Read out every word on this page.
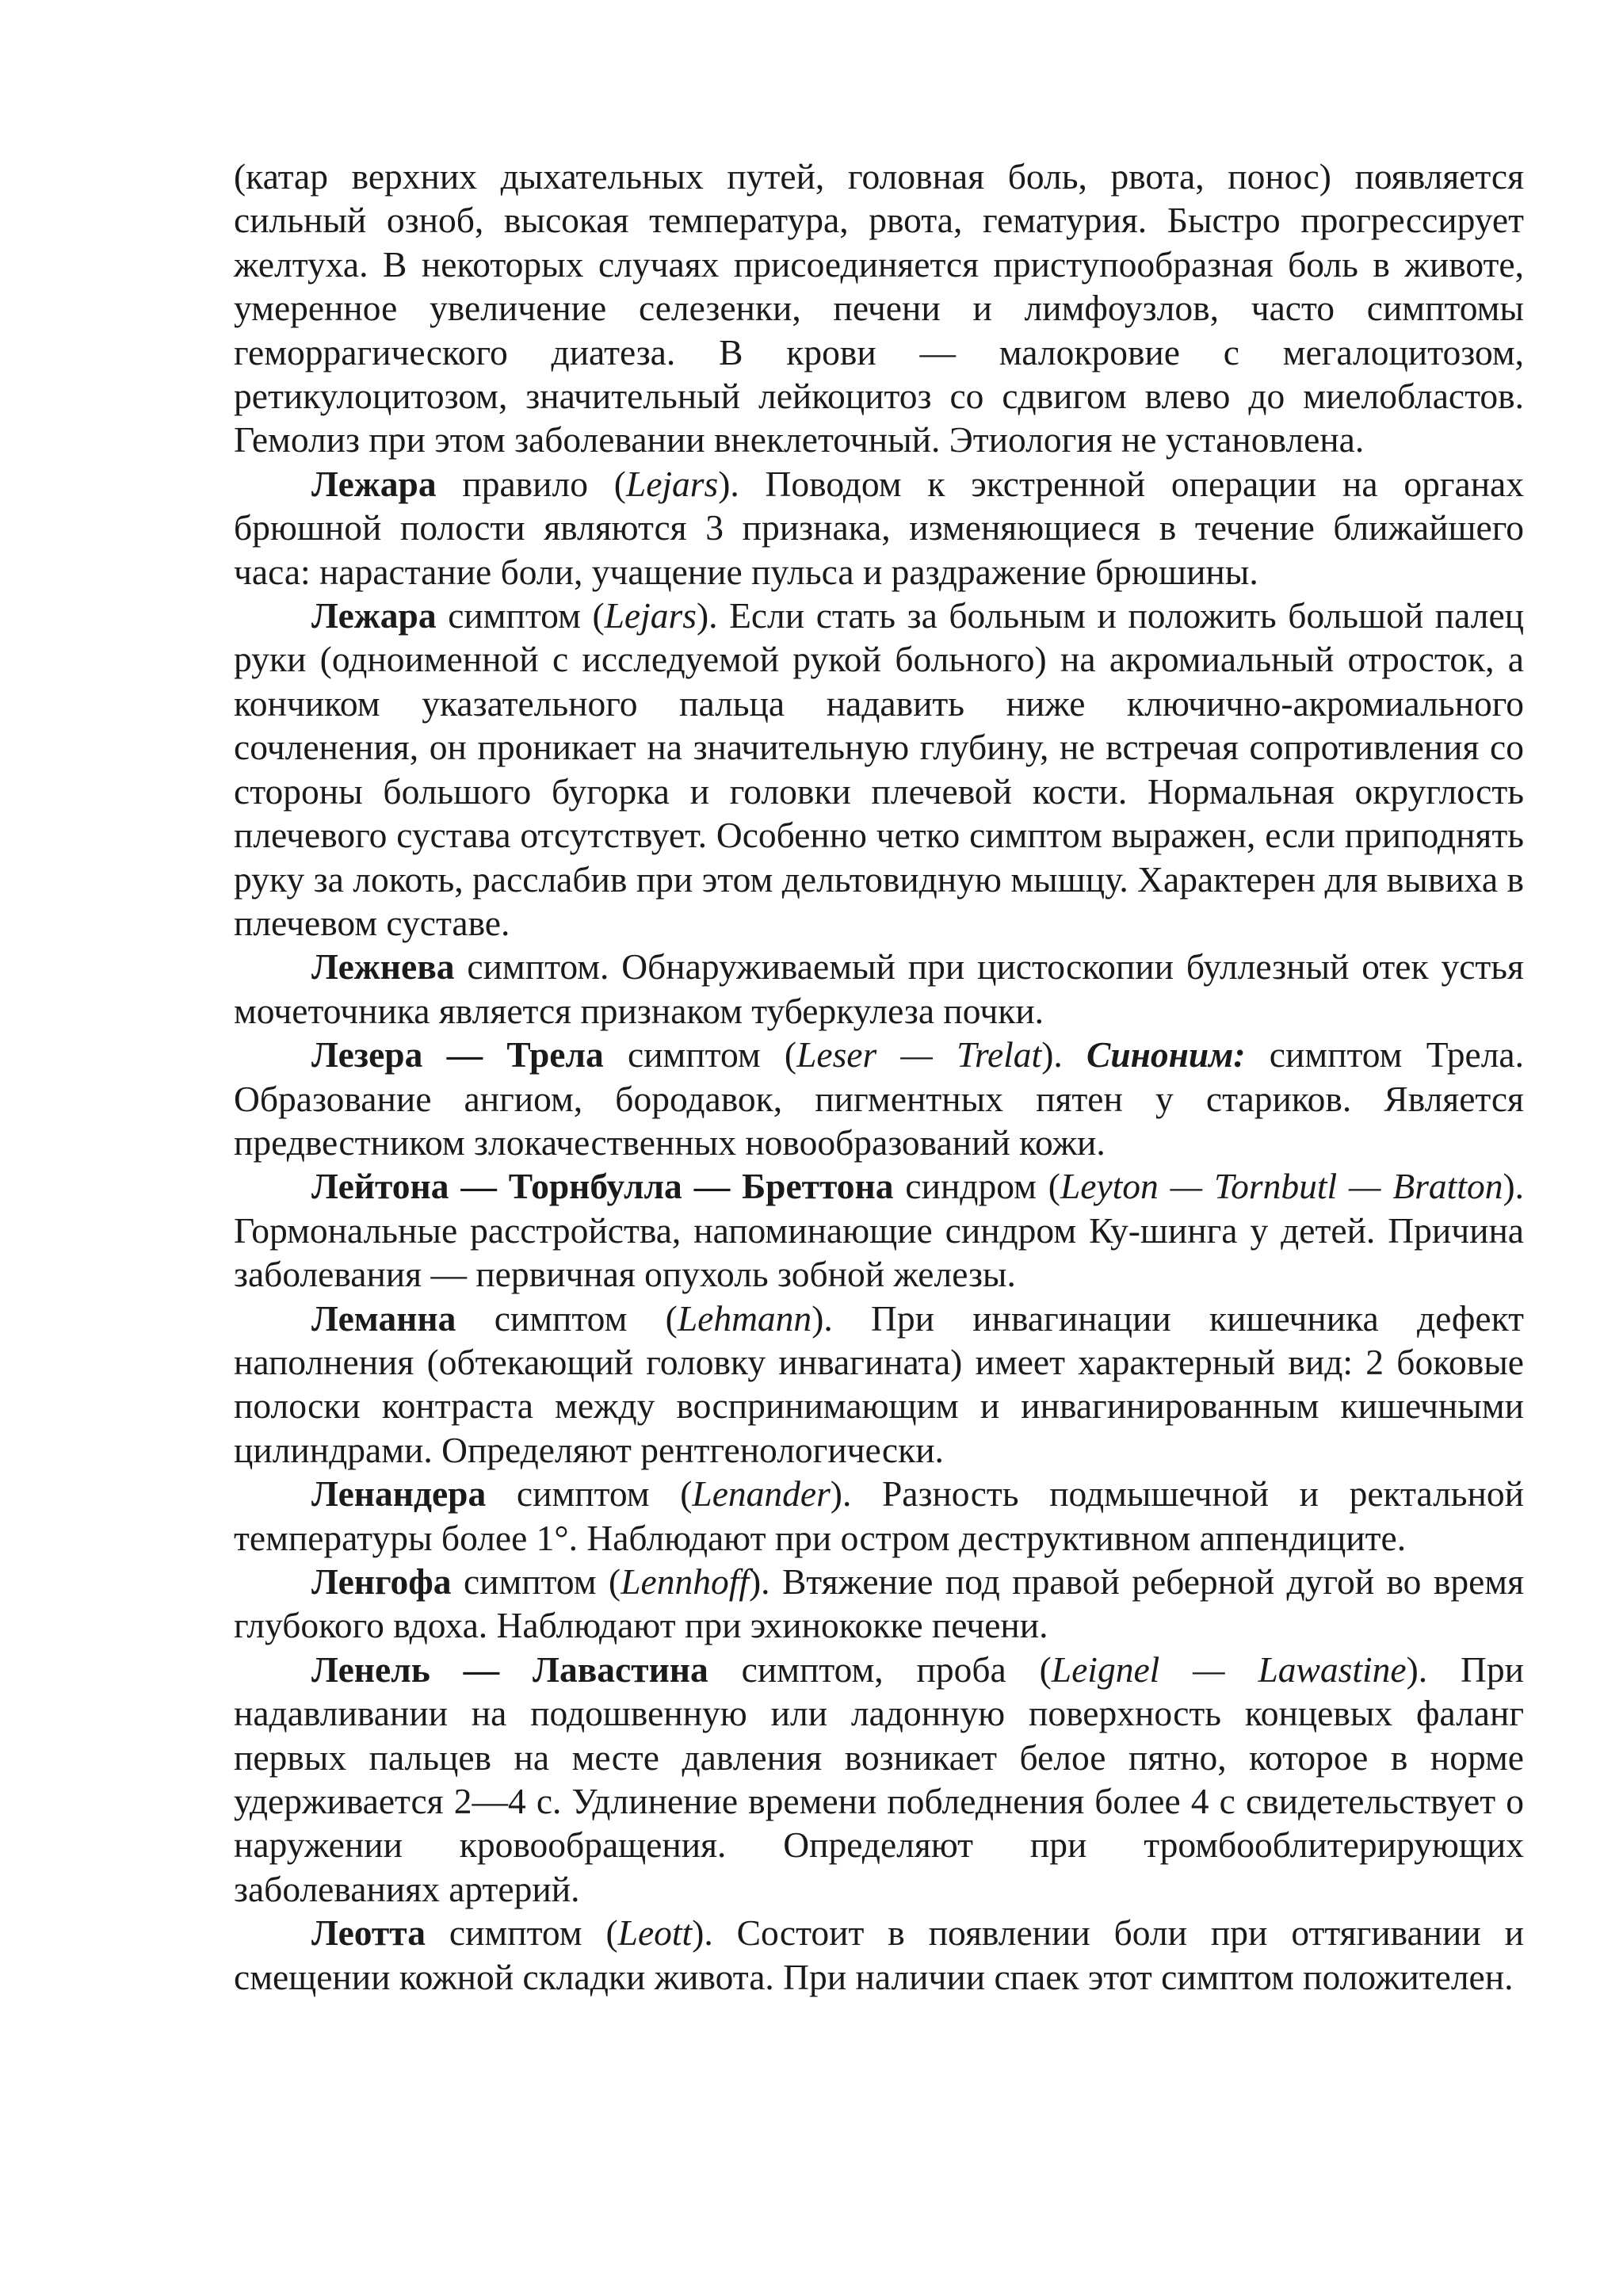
(катар верхних дыхательных путей, головная боль, рвота, понос) появляется сильный озноб, высокая температура, рвота, гематурия. Быстро прогрессирует желтуха. В некоторых случаях присоединяется приступообразная боль в животе, умеренное увеличение селезенки, печени и лимфоузлов, часто симптомы геморрагического диатеза. В крови — малокровие с мегалоцитозом, ретикулоцитозом, значительный лейкоцитоз со сдвигом влево до миелобластов. Гемолиз при этом заболевании внеклеточный. Этиология не установлена.

Лежара правило (Lejars). Поводом к экстренной операции на органах брюшной полости являются 3 признака, изменяющиеся в течение ближайшего часа: нарастание боли, учащение пульса и раздражение брюшины.

Лежара симптом (Lejars). Если стать за больным и положить большой палец руки (одноименной с исследуемой рукой больного) на акромиальный отросток, а кончиком указательного пальца надавить ниже ключично-акромиального сочленения, он проникает на значительную глубину, не встречая сопротивления со стороны большого бугорка и головки плечевой кости. Нормальная округлость плечевого сустава отсутствует. Особенно четко симптом выражен, если приподнять руку за локоть, расслабив при этом дельтовидную мышцу. Характерен для вывиха в плечевом суставе.

Лежнева симптом. Обнаруживаемый при цистоскопии буллезный отек устья мочеточника является признаком туберкулеза почки.

Лезера — Трела симптом (Leser — Trelat). Синоним: симптом Трела. Образование ангиом, бородавок, пигментных пятен у стариков. Является предвестником злокачественных новообразований кожи.

Лейтона — Торнбулла — Бреттона синдром (Leyton — Tornbutl — Bratton). Гормональные расстройства, напоминающие синдром Ку-шинга у детей. Причина заболевания — первичная опухоль зобной железы.

Леманна симптом (Lehmann). При инвагинации кишечника дефект наполнения (обтекающий головку инвагината) имеет характерный вид: 2 боковые полоски контраста между воспринимающим и инвагинированным кишечными цилиндрами. Определяют рентгенологически.

Ленандера симптом (Lenander). Разность подмышечной и ректальной температуры более 1°. Наблюдают при остром деструктивном аппендиците.

Ленгофа симптом (Lennhoff). Втяжение под правой реберной дугой во время глубокого вдоха. Наблюдают при эхинококке печени.

Ленель — Лавастина симптом, проба (Leignel — Lawastine). При надавливании на подошвенную или ладонную поверхность концевых фаланг первых пальцев на месте давления возникает белое пятно, которое в норме удерживается 2—4 с. Удлинение времени побледнения более 4 с свидетельствует о наружении кровообращения. Определяют при тромбооблитерирующих заболеваниях артерий.

Леотта симптом (Leott). Состоит в появлении боли при оттягивании и смещении кожной складки живота. При наличии спаек этот симптом положителен.
